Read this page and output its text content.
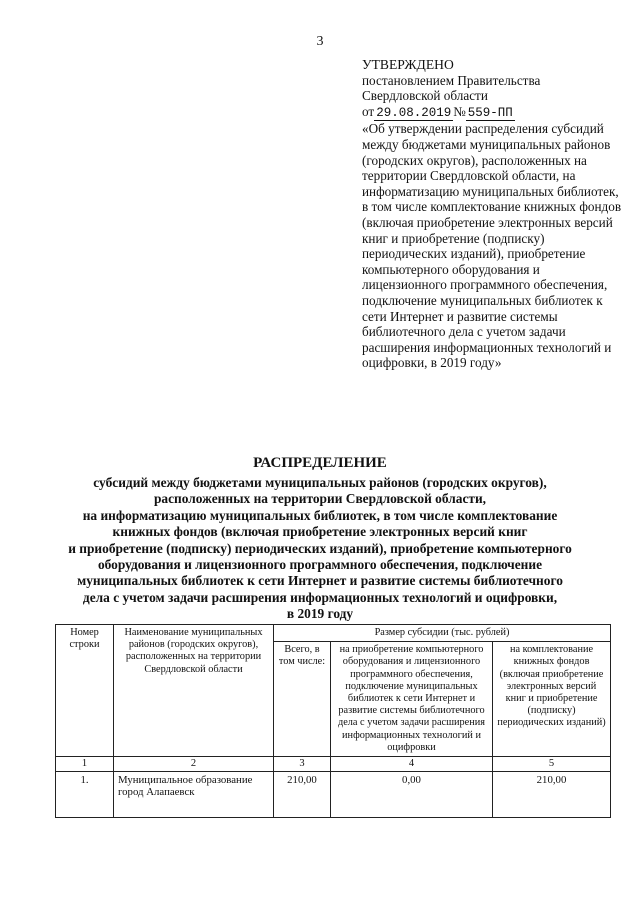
3
УТВЕРЖДЕНО
постановлением Правительства
Свердловской области
от 29.08.2019 № 559-ПП
«Об утверждении распределения субсидий между бюджетами муниципальных районов (городских округов), расположенных на территории Свердловской области, на информатизацию муниципальных библиотек, в том числе комплектование книжных фондов (включая приобретение электронных версий книг и приобретение (подписку) периодических изданий), приобретение компьютерного оборудования и лицензионного программного обеспечения, подключение муниципальных библиотек к сети Интернет и развитие системы библиотечного дела с учетом задачи расширения информационных технологий и оцифровки, в 2019 году»
РАСПРЕДЕЛЕНИЕ
субсидий между бюджетами муниципальных районов (городских округов),
расположенных на территории Свердловской области,
на информатизацию муниципальных библиотек, в том числе комплектование
книжных фондов (включая приобретение электронных версий книг
и приобретение (подписку) периодических изданий), приобретение компьютерного
оборудования и лицензионного программного обеспечения, подключение
муниципальных библиотек к сети Интернет и развитие системы библиотечного
дела с учетом задачи расширения информационных технологий и оцифровки,
в 2019 году
Номер строки	Наименование муниципальных районов (городских округов), расположенных на территории Свердловской области	Размер субсидии (тыс. рублей)		
		Всего, в том числе:	на приобретение компьютерного оборудования и лицензионного программного обеспечения, подключение муниципальных библиотек к сети Интернет и развитие системы библиотечного дела с учетом задачи расширения информационных технологий и оцифровки	на комплектование книжных фондов (включая приобретение электронных версий книг и приобретение (подписку) периодических изданий)
1	2	3	4	5
1.	Муниципальное образование город Алапаевск	210,00	0,00	210,00
